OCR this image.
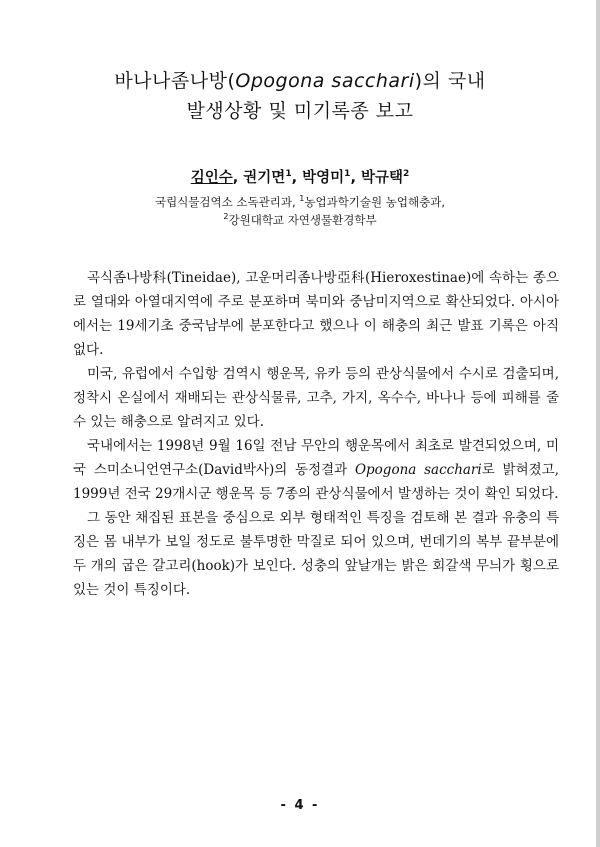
바나나좀나방(Opogona sacchari)의 국내
발생상황 및 미기록종 보고
김인수, 권기면$^1$, 박영미$^1$, 박규택$^2$
국립식물검역소 소독관리과, $^1$농업과학기술원 농업해충과,
$^2$강원대학교 자연생물환경학부

곡식좀나방科(Tineidae), 고운머리좀나방亞科(Hieroxestinae)에 속하는 종으로 열대와 아열대지역에 주로 분포하며 북미와 중남미지역으로 확산되었다. 아시아에서는 19세기초 중국남부에 분포한다고 했으나 이 해충의 최근 발표 기록은 아직 없다.

미국, 유럽에서 수입항 검역시 행운목, 유카 등의 관상식물에서 수시로 검출되며, 정착시 온실에서 재배되는 관상식물류, 고추, 가지, 옥수수, 바나나 등에 피해를 줄 수 있는 해충으로 알려지고 있다.

국내에서는 1998년 9월 16일 전남 무안의 행운목에서 최초로 발견되었으며, 미국 스미소니언연구소(David박사)의 동정결과 Opogona sacchari로 밝혀졌고, 1999년 전국 29개시군 행운목 등 7종의 관상식물에서 발생하는 것이 확인 되었다.

그 동안 채집된 표본을 중심으로 외부 형태적인 특징을 검토해 본 결과 유충의 특징은 몸 내부가 보일 정도로 불투명한 막질로 되어 있으며, 번데기의 복부 끝부분에 두 개의 굽은 갈고리(hook)가 보인다. 성충의 앞날개는 밝은 회갈색 무늬가 횡으로 있는 것이 특징이다.

- 4 -
